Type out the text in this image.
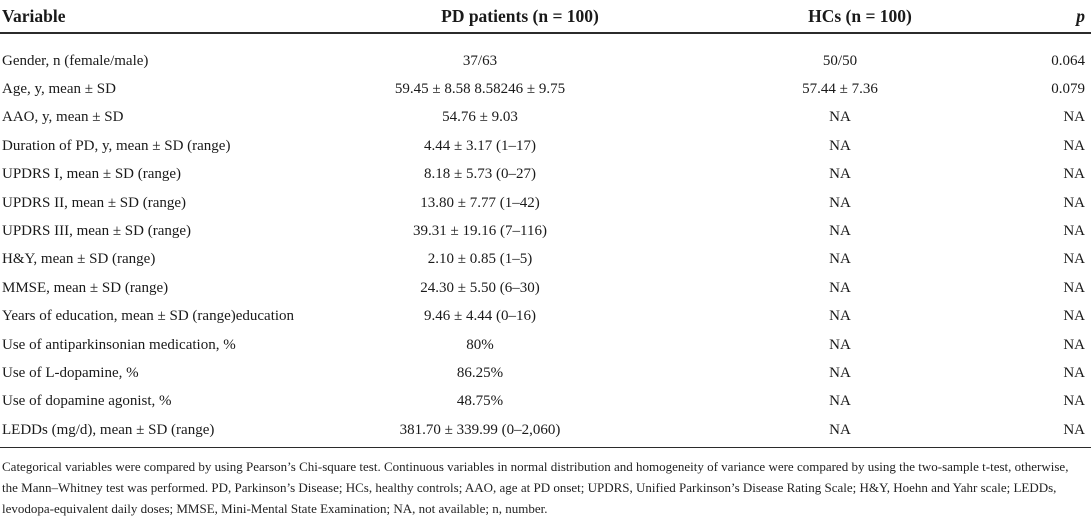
Variable	PD patients (n = 100)	HCs (n = 100)	p
Gender, n (female/male)	37/63	50/50	0.064
Age, y, mean ± SD	59.45 ± 8.58 8.58246 ± 9.75	57.44 ± 7.36	0.079
AAO, y, mean ± SD	54.76 ± 9.03	NA	NA
Duration of PD, y, mean ± SD (range)	4.44 ± 3.17 (1–17)	NA	NA
UPDRS I, mean ± SD (range)	8.18 ± 5.73 (0–27)	NA	NA
UPDRS II, mean ± SD (range)	13.80 ± 7.77 (1–42)	NA	NA
UPDRS III, mean ± SD (range)	39.31 ± 19.16 (7–116)	NA	NA
H&Y, mean ± SD (range)	2.10 ± 0.85 (1–5)	NA	NA
MMSE, mean ± SD (range)	24.30 ± 5.50 (6–30)	NA	NA
Years of education, mean ± SD (range)education	9.46 ± 4.44 (0–16)	NA	NA
Use of antiparkinsonian medication, %	80%	NA	NA
Use of L-dopamine, %	86.25%	NA	NA
Use of dopamine agonist, %	48.75%	NA	NA
LEDDs (mg/d), mean ± SD (range)	381.70 ± 339.99 (0–2,060)	NA	NA
Categorical variables were compared by using Pearson’s Chi-square test. Continuous variables in normal distribution and homogeneity of variance were compared by using the two-sample t-test, otherwise, the Mann–Whitney test was performed. PD, Parkinson’s Disease; HCs, healthy controls; AAO, age at PD onset; UPDRS, Unified Parkinson’s Disease Rating Scale; H&Y, Hoehn and Yahr scale; LEDDs, levodopa-equivalent daily doses; MMSE, Mini-Mental State Examination; NA, not available; n, number.
